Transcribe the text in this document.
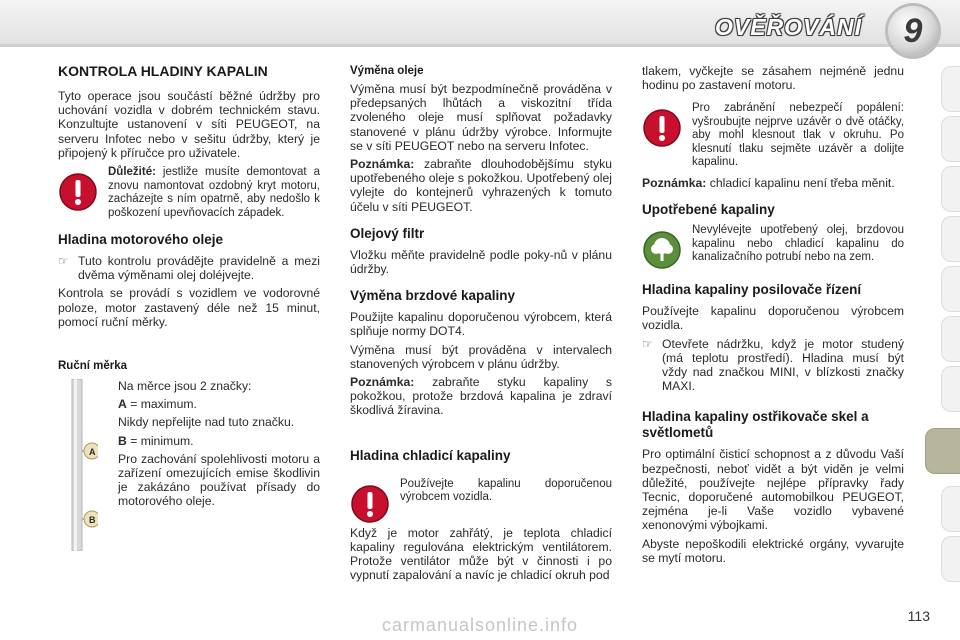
OVĚŘOVÁNÍ	9
KONTROLA HLADINY KAPALIN

Tyto operace jsou součástí běžné údržby pro uchování vozidla v dobrém technickém stavu. Konzultujte ustanovení v síti PEUGEOT, na serveru Infotec nebo v sešitu údržby, který je připojený k příručce pro uživatele.

Důležité: jestliže musíte demontovat a znovu namontovat ozdobný kryt motoru, zacházejte s ním opatrně, aby nedošlo k poškození upevňovacích západek.
Hladina motorového oleje
☞ Tuto kontrolu provádějte pravidelně a mezi dvěma výměnami olej doléjvejte.

Kontrola se provádí s vozidlem ve vodorovné poloze, motor zastavený déle než 15 minut, pomocí ruční měrky.

Ruční měrka
A
B

Na měrce jsou 2 značky:

A = maximum.

Nikdy nepřelijte nad tuto značku.

B = minimum.

Pro zachování spolehlivosti motoru a zařízení omezujících emise škodlivin je zakázáno používat přísady do motorového oleje.

Výměna oleje

Výměna musí být bezpodmínečně prováděna v předepsaných lhůtách a viskozitní třída zvoleného oleje musí splňovat požadavky stanovené v plánu údržby výrobce. Informujte se v síti PEUGEOT nebo na serveru Infotec.

Poznámka: zabraňte dlouhodobějšímu styku upotřebeného oleje s pokožkou. Upotřebený olej vylejte do kontejnerů vyhrazených k tomuto účelu v síti PEUGEOT.

Olejový filtr

Vložku měňte pravidelně podle poky-nů v plánu údržby.

Výměna brzdové kapaliny

Použijte kapalinu doporučenou výrobcem, která splňuje normy DOT4.

Výměna musí být prováděna v intervalech stanovených výrobcem v plánu údržby.

Poznámka: zabraňte styku kapaliny s pokožkou, protože brzdová kapalina je zdraví škodlivá žíravina.

Hladina chladicí kapaliny

Používejte kapalinu doporučenou výrobcem vozidla.

Když je motor zahřátý, je teplota chladicí kapaliny regulována elektrickým ventilátorem. Protože ventilátor může být v činnosti i po vypnutí zapalování a navíc je chladicí okruh pod

tlakem, vyčkejte se zásahem nejméně jednu hodinu po zastavení motoru.

Pro zabránění nebezpečí popálení: vyšroubujte nejprve uzávěr o dvě otáčky, aby mohl klesnout tlak v okruhu. Po klesnutí tlaku sejměte uzávěr a dolijte kapalinu.

Poznámka: chladicí kapalinu není třeba měnit.

Upotřebené kapaliny
Nevylévejte upotřebený olej, brzdovou kapalinu nebo chladicí kapalinu do kanalizačního potrubí nebo na zem.
Hladina kapaliny posilovače řízení

Používejte kapalinu doporučenou výrobcem vozidla.

☞ Otevřete nádržku, když je motor studený (má teplotu prostředí). Hladina musí být vždy nad značkou MINI, v blízkosti značky MAXI.

Hladina kapaliny ostřikovače skel a světlometů

Pro optimální čisticí schopnost a z důvodu Vaší bezpečnosti, neboť vidět a být viděn je velmi důležité, používejte nejlépe přípravky řady Tecnic, doporučené automobilkou PEUGEOT, zejména je-li Vaše vozidlo vybavené xenonovými výbojkami.

Abyste nepoškodili elektrické orgány, vyvarujte se mytí motoru.

113
carmanualsonline.info
